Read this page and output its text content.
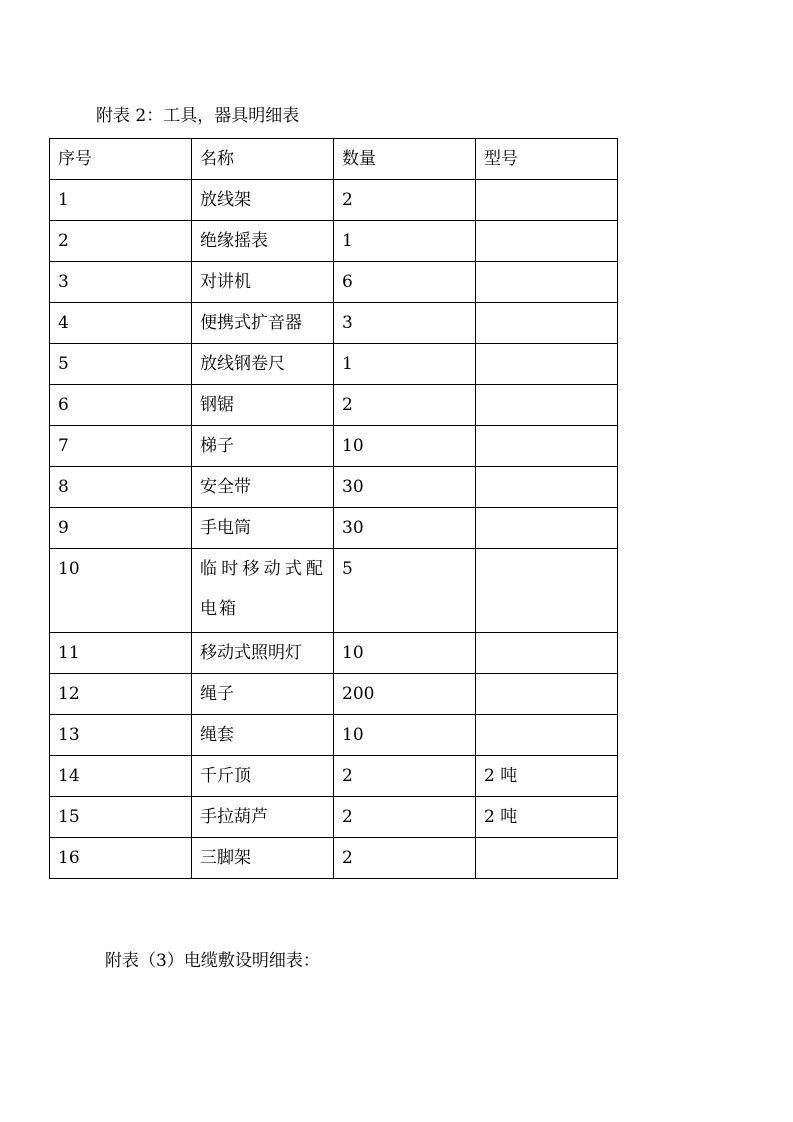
附表 2：工具，器具明细表
序号	名称	数量	型号
1	放线架	2	
2	绝缘摇表	1	
3	对讲机	6	
4	便携式扩音器	3	
5	放线钢卷尺	1	
6	钢锯	2	
7	梯子	10	
8	安全带	30	
9	手电筒	30	

10	临时移动式配电箱	5	

11	移动式照明灯	10	
12	绳子	200	
13	绳套	10	
14	千斤顶	2	2 吨
15	手拉葫芦	2	2 吨
16	三脚架	2	
附表（3）电缆敷设明细表：
